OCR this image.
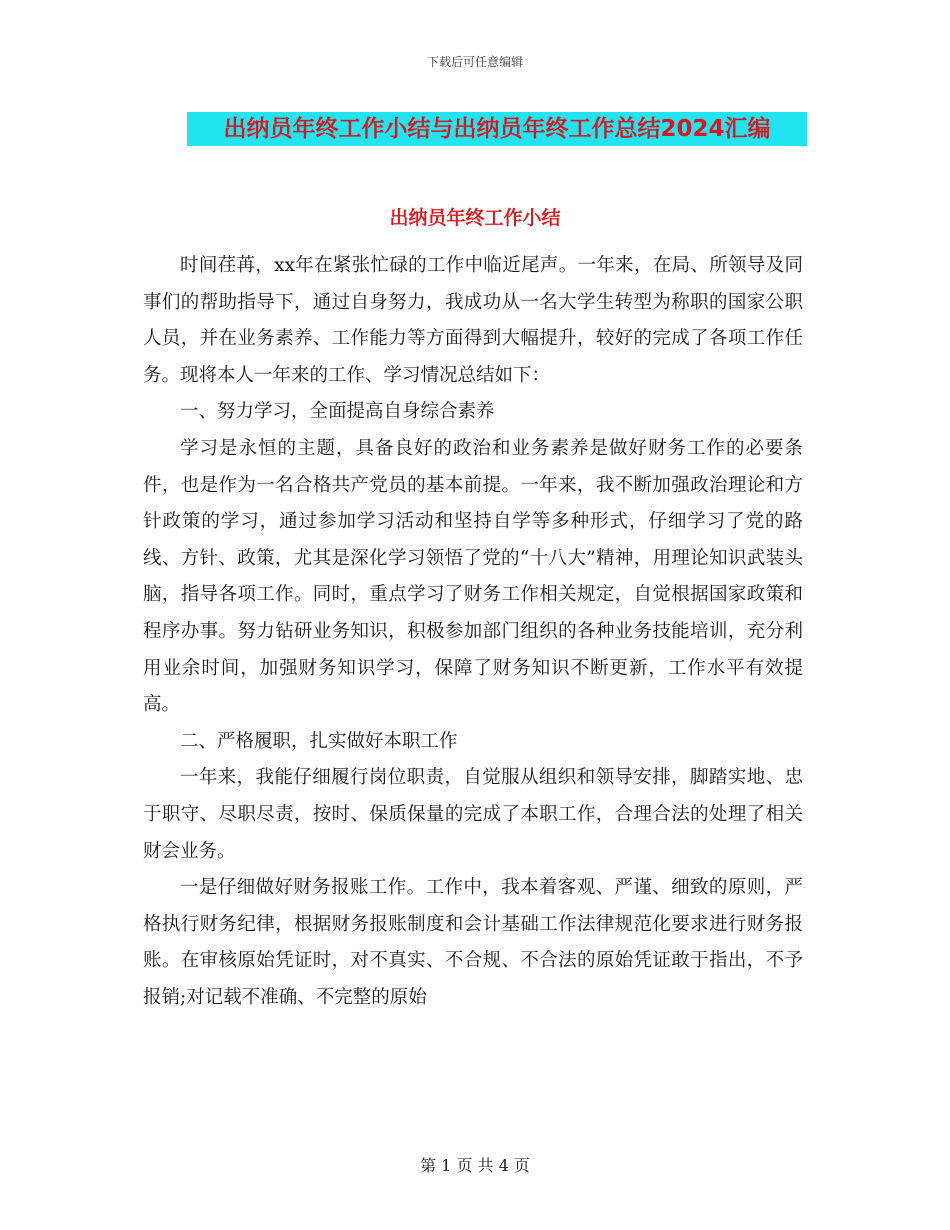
下载后可任意编辑
出纳员年终工作小结与出纳员年终工作总结2024汇编
出纳员年终工作小结

时间荏苒，xx年在紧张忙碌的工作中临近尾声。一年来，在局、所领导及同事们的帮助指导下，通过自身努力，我成功从一名大学生转型为称职的国家公职人员，并在业务素养、工作能力等方面得到大幅提升，较好的完成了各项工作任务。现将本人一年来的工作、学习情况总结如下：

一、努力学习，全面提高自身综合素养

学习是永恒的主题，具备良好的政治和业务素养是做好财务工作的必要条件，也是作为一名合格共产党员的基本前提。一年来，我不断加强政治理论和方针政策的学习，通过参加学习活动和坚持自学等多种形式，仔细学习了党的路线、方针、政策，尤其是深化学习领悟了党的“十八大”精神，用理论知识武装头脑，指导各项工作。同时，重点学习了财务工作相关规定，自觉根据国家政策和程序办事。努力钻研业务知识，积极参加部门组织的各种业务技能培训，充分利用业余时间，加强财务知识学习，保障了财务知识不断更新，工作水平有效提高。

二、严格履职，扎实做好本职工作

一年来，我能仔细履行岗位职责，自觉服从组织和领导安排，脚踏实地、忠于职守、尽职尽责，按时、保质保量的完成了本职工作，合理合法的处理了相关财会业务。

一是仔细做好财务报账工作。工作中，我本着客观、严谨、细致的原则，严格执行财务纪律，根据财务报账制度和会计基础工作法律规范化要求进行财务报账。在审核原始凭证时，对不真实、不合规、不合法的原始凭证敢于指出，不予报销;对记载不准确、不完整的原始

第 1 页 共 4 页
